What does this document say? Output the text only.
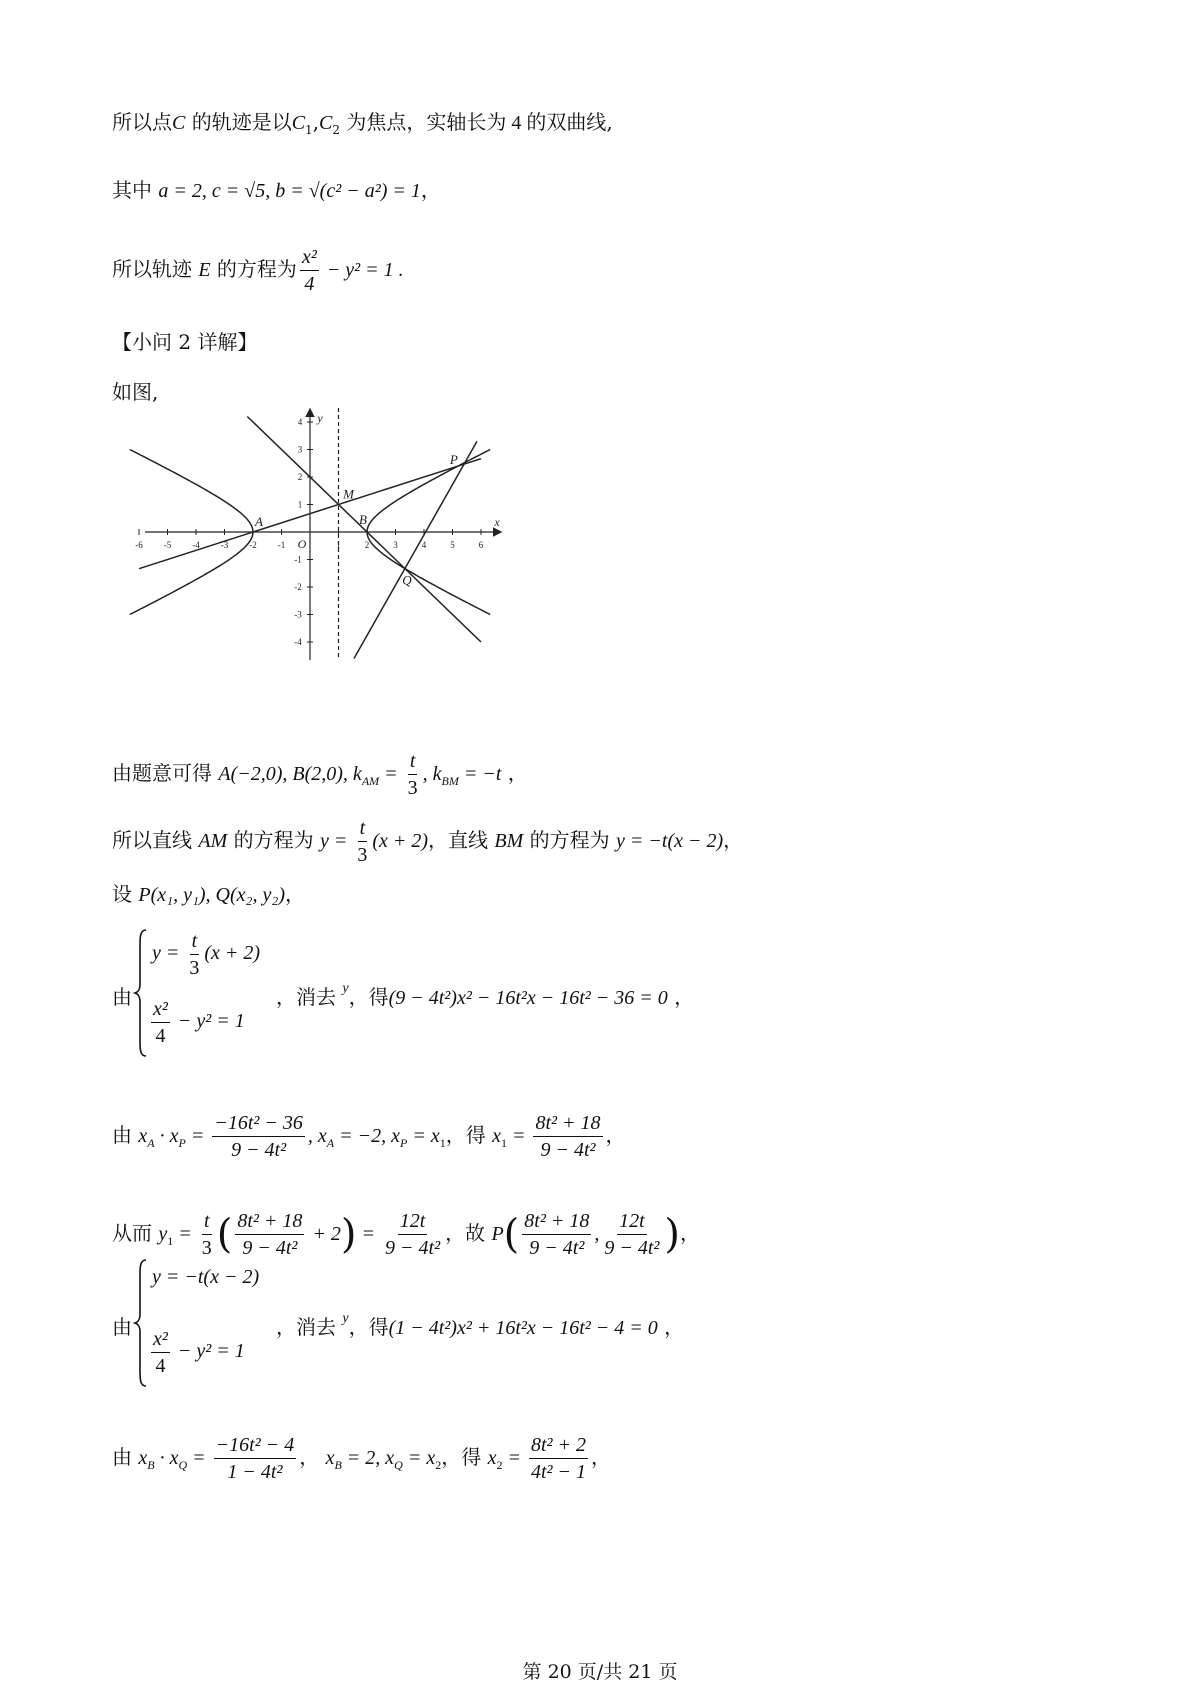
所以点C 的轨迹是以$C_1,C_2$ 为焦点，实轴长为 4 的双曲线,
其中 a = 2, c = √5, b = √(c² − a²) = 1，
所以轨迹 E 的方程为 $\frac{\text{x²}}{4} - y^2 = 1$ .
【小问 2 详解】
如图,
x
y
O
-6 -5 -4 -3 -2 -1	1	2	3	4	5	6
1
2
3
4
-1
-2
-3
-4
A	B
M
P
Q
由题意可得 A(−2,0), B(2,0), $k_{AM} = \frac{t}{3}$ , $k_{BM} = -t$ ，
所以直线 AM 的方程为 $y = \frac{t}{3} (x + 2)$，直线 BM 的方程为 y = −t(x − 2)，
设 P(x₁, y₁), Q(x₂, y₂)，
由
$y = \frac{t}{3} (x + 2)$
$\frac{\text{x²}}{4} - y^2 = 1$
，消去 $^y$，得(9 − 4t²)x² − 16t²x − 16t² − 36 = 0 ，
由 $x_A \cdot x_P = \frac{\text{−16t² − 36}}{\text{9 − 4t²}}$ , $x_A = -2$, $x_P = x_1$，得 $x_1 = \frac{\text{8t² + 18}}{\text{9 − 4t²}}$ ，
从而 $y_1 = \frac{t}{3}$ ( $\frac{\text{8t² + 18}}{\text{9 − 4t²}} + 2) = \frac{12t}{\text{9 − 4t²}}$ ，故 $P( \frac{\text{8t² + 18}}{\text{9 − 4t²}}$ , $\frac{12t}{\text{9 − 4t²}}$ )，
由
y = −t(x − 2)
$\frac{\text{x²}}{4} - y^2 = 1$
，消去 $^y$，得(1 − 4t²)x² + 16t²x − 16t² − 4 = 0 ，
由 $x_B \cdot x_Q = \frac{\text{−16t² − 4}}{\text{1 − 4t²}}$ ， $x_B = 2$, $x_Q = x_2$，得 $x_2 = \frac{\text{8t² + 2}}{\text{4t² − 1}}$ ，
第 20 页/共 21 页
